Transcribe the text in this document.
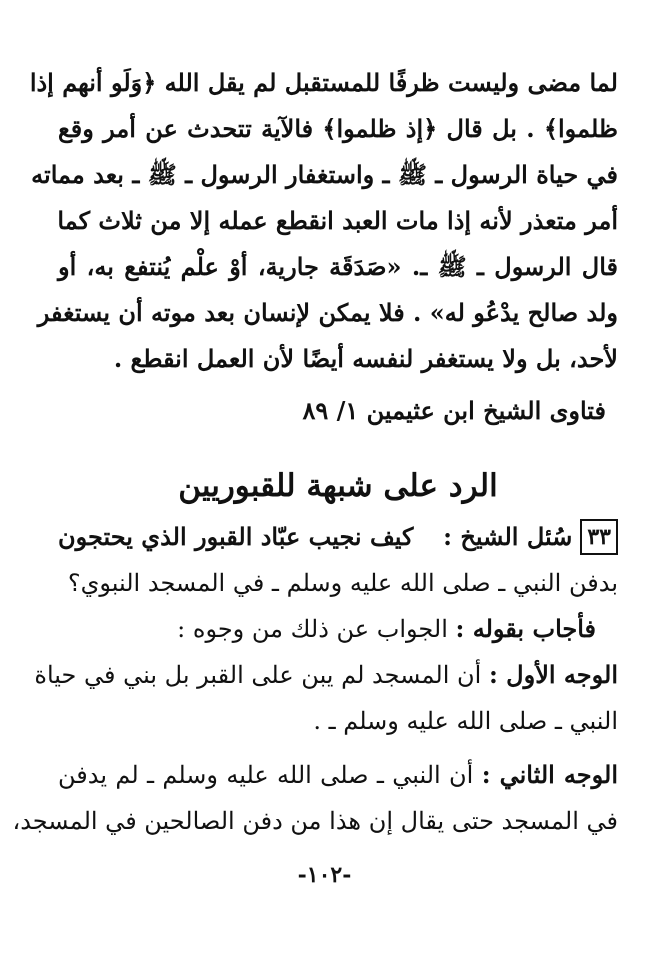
لما مضى وليست ظرفًا للمستقبل لم يقل الله ﴿وَلَو أنهم إذا
ظلموا﴾ . بل قال ﴿إذ ظلموا﴾ فالآية تتحدث عن أمر وقع
في حياة الرسول ـ ﷺ ـ واستغفار الرسول ـ ﷺ ـ بعد مماته
أمر متعذر لأنه إذا مات العبد انقطع عمله إلا من ثلاث كما
قال الرسول ـ ﷺ ـ. «صَدَقَة جارية، أوْ علْم يُنتفع به، أو
ولد صالح يدْعُو له» . فلا يمكن لإنسان بعد موته أن يستغفر
لأحد، بل ولا يستغفر لنفسه أيضًا لأن العمل انقطع .
فتاوى الشيخ ابن عثيمين ١/ ٨٩
الرد على شبهة للقبوريين
٣٣
سُئل الشيخ :
كيف نجيب عبّاد القبور الذي يحتجون
بدفن النبي ـ صلى الله عليه وسلم ـ في المسجد النبوي؟
فأجاب بقوله : الجواب عن ذلك من وجوه :
الوجه الأول : أن المسجد لم يبن على القبر بل بني في حياة
النبي ـ صلى الله عليه وسلم ـ .
الوجه الثاني : أن النبي ـ صلى الله عليه وسلم ـ لم يدفن
في المسجد حتى يقال إن هذا من دفن الصالحين في المسجد،
-١٠٢-
